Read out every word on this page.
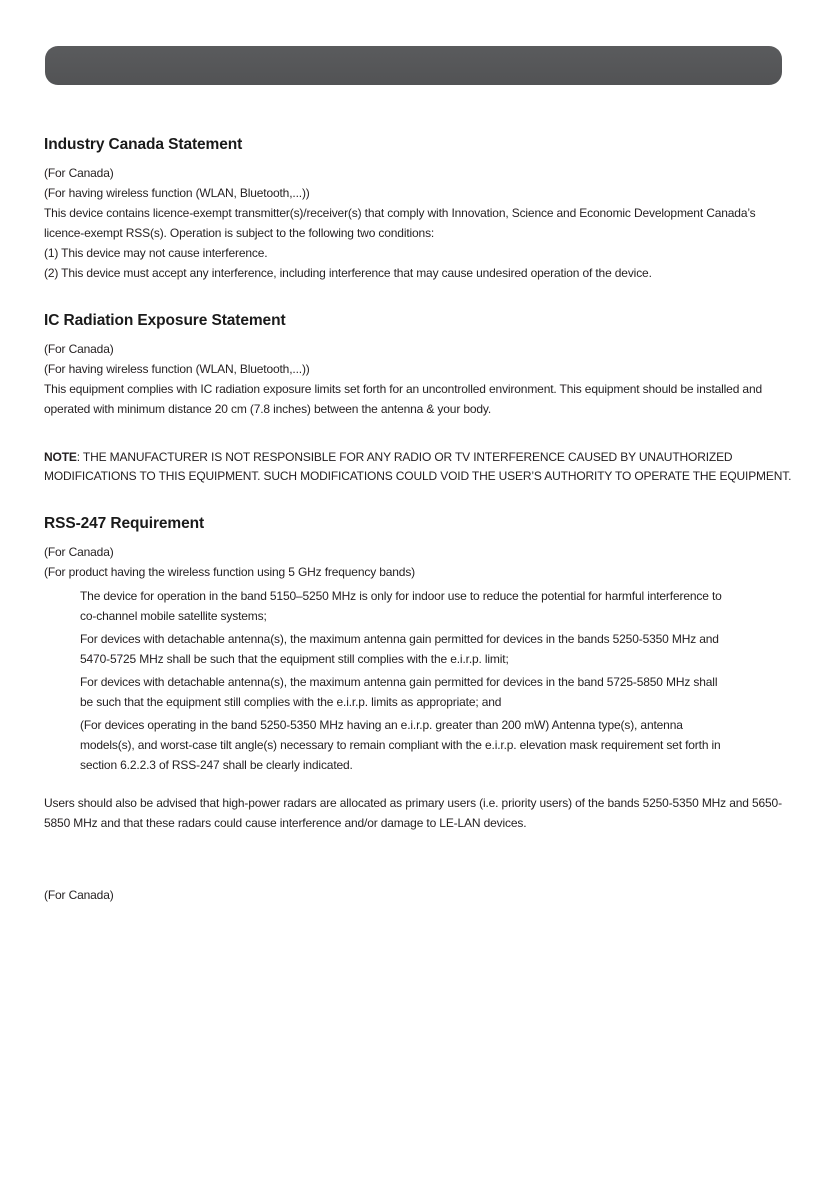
Industry Canada Statement
(For Canada)
(For having wireless function (WLAN, Bluetooth,...))
This device contains licence-exempt transmitter(s)/receiver(s) that comply with Innovation, Science and Economic Development Canada’s licence-exempt RSS(s). Operation is subject to the following two conditions:
(1) This device may not cause interference.
(2) This device must accept any interference, including interference that may cause undesired operation of the device.
IC Radiation Exposure Statement
(For Canada)
(For having wireless function (WLAN, Bluetooth,...))
This equipment complies with IC radiation exposure limits set forth for an uncontrolled environment. This equipment should be installed and operated with minimum distance 20 cm (7.8 inches) between the antenna & your body.
NOTE: THE MANUFACTURER IS NOT RESPONSIBLE FOR ANY RADIO OR TV INTERFERENCE CAUSED BY UNAUTHORIZED MODIFICATIONS TO THIS EQUIPMENT. SUCH MODIFICATIONS COULD VOID THE USER’S AUTHORITY TO OPERATE THE EQUIPMENT.
RSS-247 Requirement
(For Canada)
(For product having the wireless function using 5 GHz frequency bands)
The device for operation in the band 5150–5250 MHz is only for indoor use to reduce the potential for harmful interference to co-channel mobile satellite systems;
For devices with detachable antenna(s), the maximum antenna gain permitted for devices in the bands 5250-5350 MHz and 5470-5725 MHz shall be such that the equipment still complies with the e.i.r.p. limit;
For devices with detachable antenna(s), the maximum antenna gain permitted for devices in the band 5725-5850 MHz shall be such that the equipment still complies with the e.i.r.p. limits as appropriate; and
(For devices operating in the band 5250-5350 MHz having an e.i.r.p. greater than 200 mW) Antenna type(s), antenna models(s), and worst-case tilt angle(s) necessary to remain compliant with the e.i.r.p. elevation mask requirement set forth in section 6.2.2.3 of RSS-247 shall be clearly indicated.
Users should also be advised that high-power radars are allocated as primary users (i.e. priority users) of the bands 5250-5350 MHz and 5650-5850 MHz and that these radars could cause interference and/or damage to LE-LAN devices.
(For Canada)
